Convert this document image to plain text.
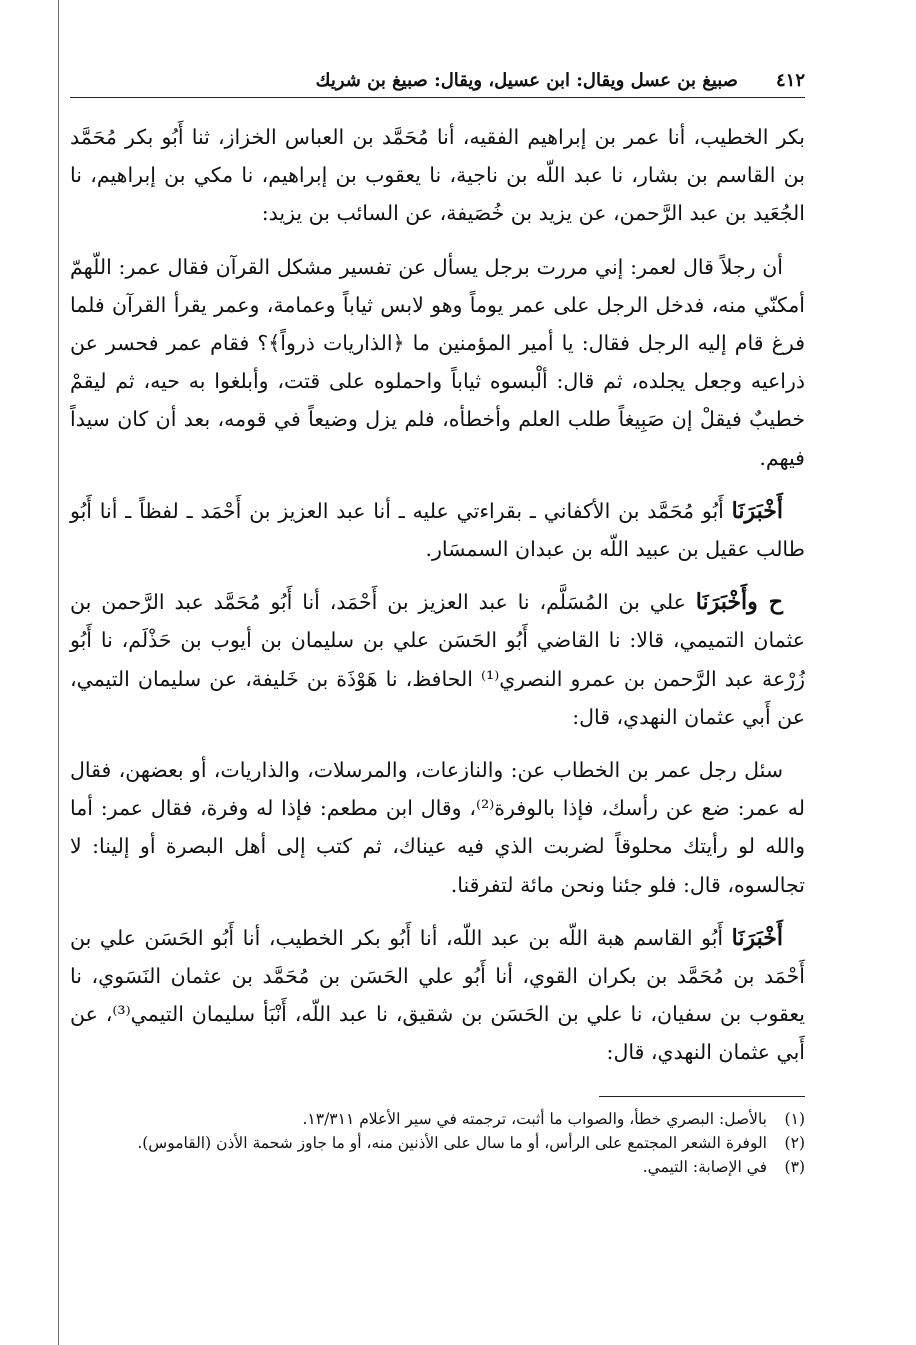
٤١٢
صبيغ بن عسل ويقال: ابن عسيل، ويقال: صبيغ بن شريك

بكر الخطيب، أنا عمر بن إبراهيم الفقيه، أنا مُحَمَّد بن العباس الخزاز، ثنا أَبُو بكر مُحَمَّد بن القاسم بن بشار، نا عبد اللّه بن ناجية، نا يعقوب بن إبراهيم، نا مكي بن إبراهيم، نا الجُعَيد بن عبد الرَّحمن، عن يزيد بن خُصَيفة، عن السائب بن يزيد:

أن رجلاً قال لعمر: إني مررت برجل يسأل عن تفسير مشكل القرآن فقال عمر: اللّهمّ أمكنّي منه، فدخل الرجل على عمر يوماً وهو لابس ثياباً وعمامة، وعمر يقرأ القرآن فلما فرغ قام إليه الرجل فقال: يا أمير المؤمنين ما ﴿الذاريات ذرواً﴾؟ فقام عمر فحسر عن ذراعيه وجعل يجلده، ثم قال: ألْبسوه ثياباً واحملوه على قتت، وأبلغوا به حيه، ثم ليقمْ خطيبٌ فيقلْ إن صَبِيغاً طلب العلم وأخطأه، فلم يزل وضيعاً في قومه، بعد أن كان سيداً فيهم.

أَخْبَرَنَا أَبُو مُحَمَّد بن الأكفاني ـ بقراءتي عليه ـ أنا عبد العزيز بن أَحْمَد ـ لفظاً ـ أنا أَبُو طالب عقيل بن عبيد اللّه بن عبدان السمسَار.

ح وأَخْبَرَنَا علي بن المُسَلَّم، نا عبد العزيز بن أَحْمَد، أنا أَبُو مُحَمَّد عبد الرَّحمن بن عثمان التميمي، قالا: نا القاضي أَبُو الحَسَن علي بن سليمان بن أيوب بن حَذْلَم، نا أَبُو زُرْعة عبد الرَّحمن بن عمرو النصري⁽¹⁾ الحافظ، نا هَوْذَة بن خَليفة، عن سليمان التيمي، عن أَبي عثمان النهدي، قال:

سئل رجل عمر بن الخطاب عن: والنازعات، والمرسلات، والذاريات، أو بعضهن، فقال له عمر: ضع عن رأسك، فإذا بالوفرة⁽²⁾، وقال ابن مطعم: فإذا له وفرة، فقال عمر: أما والله لو رأيتك محلوقاً لضربت الذي فيه عيناك، ثم كتب إلى أهل البصرة أو إلينا: لا تجالسوه، قال: فلو جئنا ونحن مائة لتفرقنا.

أَخْبَرَنَا أَبُو القاسم هبة اللّه بن عبد اللّه، أنا أَبُو بكر الخطيب، أنا أَبُو الحَسَن علي بن أَحْمَد بن مُحَمَّد بن بكران القوي، أنا أَبُو علي الحَسَن بن مُحَمَّد بن عثمان النَسَوي، نا يعقوب بن سفيان، نا علي بن الحَسَن بن شقيق، نا عبد اللّه، أَنْبَأ سليمان التيمي⁽³⁾، عن أَبي عثمان النهدي، قال:

(١)
بالأصل: البصري خطأ، والصواب ما أثبت، ترجمته في سير الأعلام ١٣/٣١١.
(٢)
الوفرة الشعر المجتمع على الرأس، أو ما سال على الأذنين منه، أو ما جاوز شحمة الأذن (القاموس).
(٣)
في الإصابة: التيمي.
